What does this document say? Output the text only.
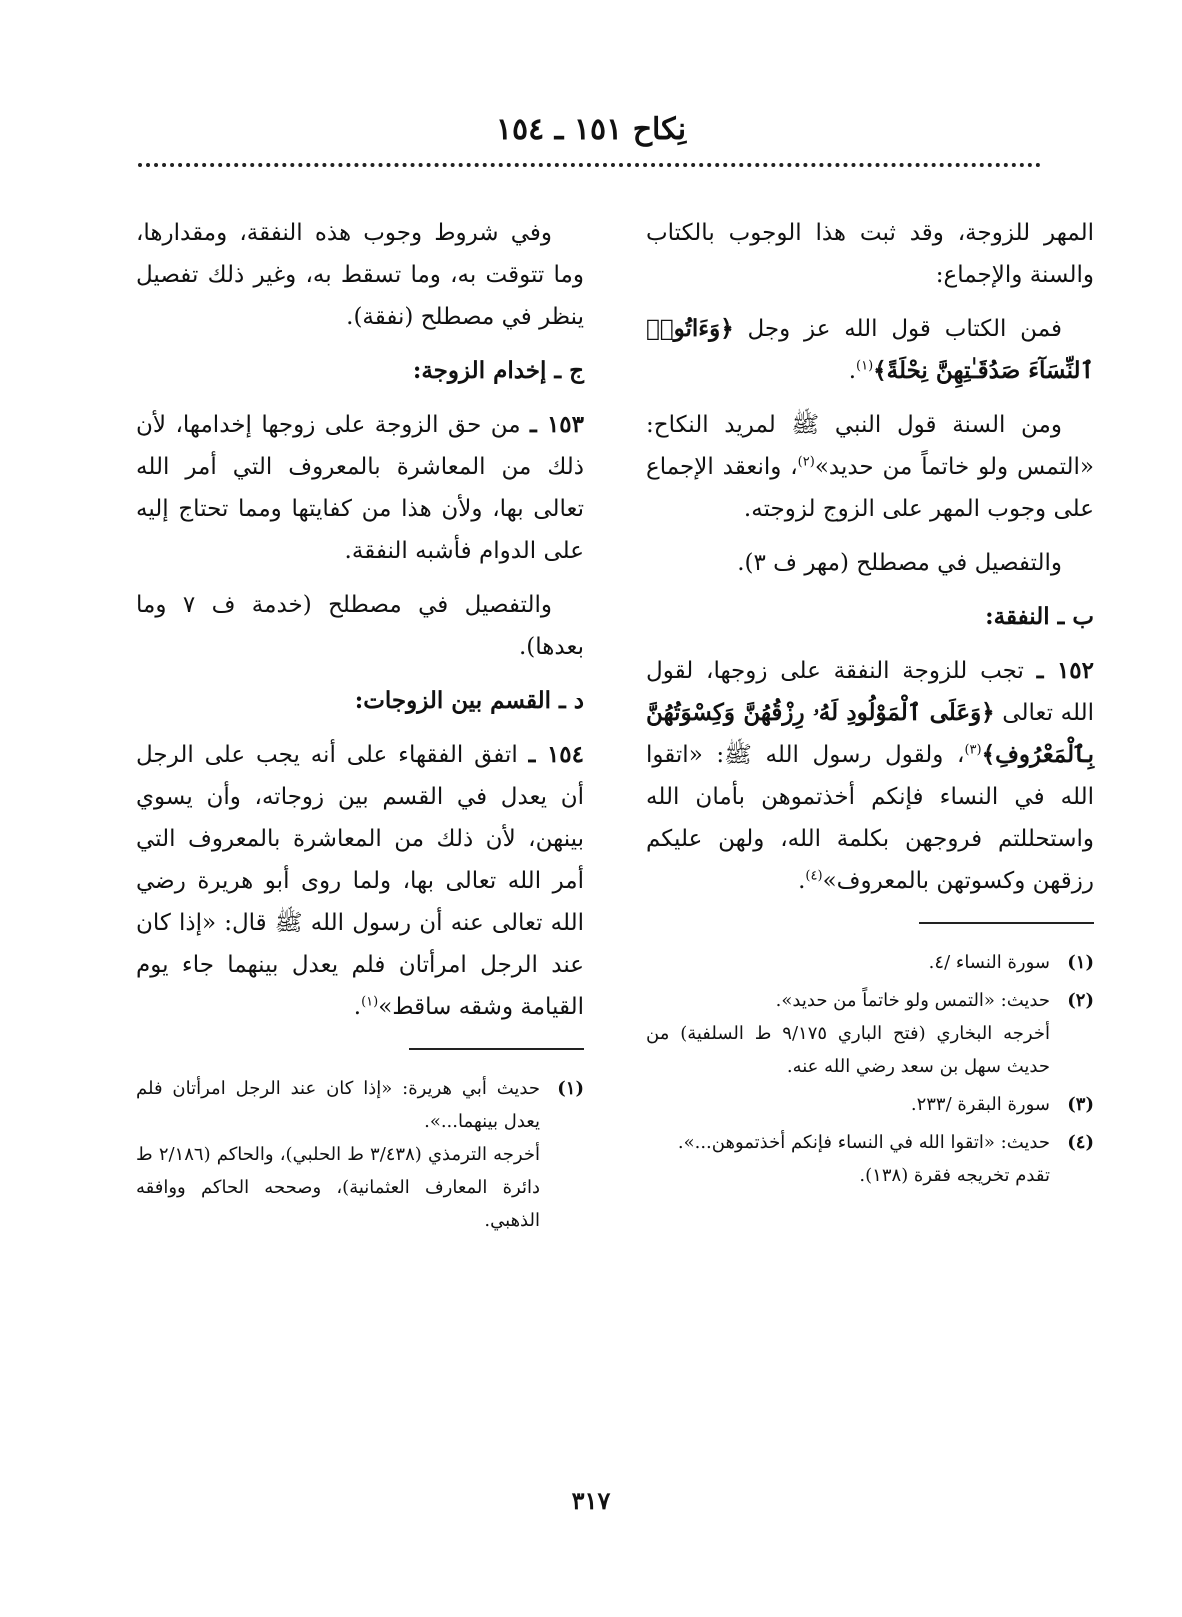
نِكاح ١٥١ ـ ١٥٤

المهر للزوجة، وقد ثبت هذا الوجوب بالكتاب والسنة والإجماع:

فمن الكتاب قول الله عز وجل ﴿وَءَاتُوا۟ ٱلنِّسَآءَ صَدُقَـٰتِهِنَّ نِحْلَةً﴾$^{(١)}$.

ومن السنة قول النبي ﷺ لمريد النكاح: «التمس ولو خاتماً من حديد»$^{(٢)}$، وانعقد الإجماع على وجوب المهر على الزوج لزوجته.

والتفصيل في مصطلح (مهر ف ٣).

ب ـ النفقة:

١٥٢ ـ تجب للزوجة النفقة على زوجها، لقول الله تعالى ﴿وَعَلَى ٱلْمَوْلُودِ لَهُۥ رِزْقُهُنَّ وَكِسْوَتُهُنَّ بِٱلْمَعْرُوفِ﴾$^{(٣)}$، ولقول رسول الله ﷺ: «اتقوا الله في النساء فإنكم أخذتموهن بأمان الله واستحللتم فروجهن بكلمة الله، ولهن عليكم رزقهن وكسوتهن بالمعروف»$^{(٤)}$.

(١)
سورة النساء /٤.
(٢)
حديث: «التمس ولو خاتماً من حديد».
أخرجه البخاري (فتح الباري ٩/١٧٥ ط السلفية) من حديث سهل بن سعد رضي الله عنه.
(٣)
سورة البقرة /٢٣٣.
(٤)
حديث: «اتقوا الله في النساء فإنكم أخذتموهن...».
تقدم تخريجه فقرة (١٣٨).

وفي شروط وجوب هذه النفقة، ومقدارها، وما تتوقت به، وما تسقط به، وغير ذلك تفصيل ينظر في مصطلح (نفقة).

ج ـ إخدام الزوجة:

١٥٣ ـ من حق الزوجة على زوجها إخدامها، لأن ذلك من المعاشرة بالمعروف التي أمر الله تعالى بها، ولأن هذا من كفايتها ومما تحتاج إليه على الدوام فأشبه النفقة.

والتفصيل في مصطلح (خدمة ف ٧ وما بعدها).

د ـ القسم بين الزوجات:

١٥٤ ـ اتفق الفقهاء على أنه يجب على الرجل أن يعدل في القسم بين زوجاته، وأن يسوي بينهن، لأن ذلك من المعاشرة بالمعروف التي أمر الله تعالى بها، ولما روى أبو هريرة رضي الله تعالى عنه أن رسول الله ﷺ قال: «إذا كان عند الرجل امرأتان فلم يعدل بينهما جاء يوم القيامة وشقه ساقط»$^{(١)}$.

(١)
حديث أبي هريرة: «إذا كان عند الرجل امرأتان فلم يعدل بينهما...».
أخرجه الترمذي (٣/٤٣٨ ط الحلبي)، والحاكم (٢/١٨٦ ط دائرة المعارف العثمانية)، وصححه الحاكم ووافقه الذهبي.
٣١٧
